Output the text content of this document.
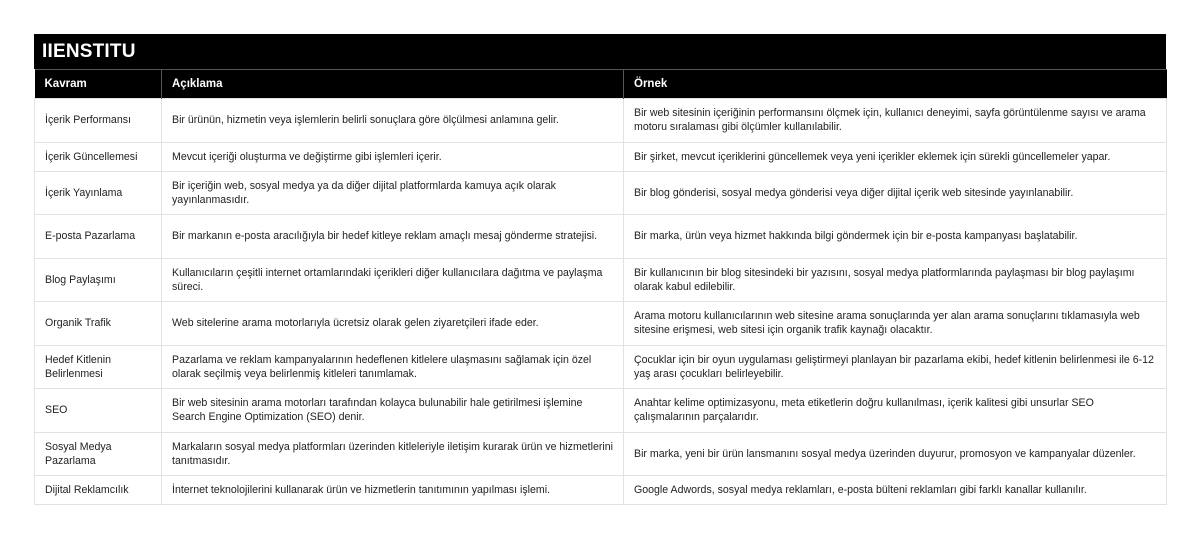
IIENSTITU
Kavram	Açıklama	Örnek
İçerik Performansı	Bir ürünün, hizmetin veya işlemlerin belirli sonuçlara göre ölçülmesi anlamına gelir.	Bir web sitesinin içeriğinin performansını ölçmek için, kullanıcı deneyimi, sayfa görüntülenme sayısı ve arama motoru sıralaması gibi ölçümler kullanılabilir.
İçerik Güncellemesi	Mevcut içeriği oluşturma ve değiştirme gibi işlemleri içerir.	Bir şirket, mevcut içeriklerini güncellemek veya yeni içerikler eklemek için sürekli güncellemeler yapar.
İçerik Yayınlama	Bir içeriğin web, sosyal medya ya da diğer dijital platformlarda kamuya açık olarak yayınlanmasıdır.	Bir blog gönderisi, sosyal medya gönderisi veya diğer dijital içerik web sitesinde yayınlanabilir.
E-posta Pazarlama	Bir markanın e-posta aracılığıyla bir hedef kitleye reklam amaçlı mesaj gönderme stratejisi.	Bir marka, ürün veya hizmet hakkında bilgi göndermek için bir e-posta kampanyası başlatabilir.
Blog Paylaşımı	Kullanıcıların çeşitli internet ortamlarındaki içerikleri diğer kullanıcılara dağıtma ve paylaşma süreci.	Bir kullanıcının bir blog sitesindeki bir yazısını, sosyal medya platformlarında paylaşması bir blog paylaşımı olarak kabul edilebilir.
Organik Trafik	Web sitelerine arama motorlarıyla ücretsiz olarak gelen ziyaretçileri ifade eder.	Arama motoru kullanıcılarının web sitesine arama sonuçlarında yer alan arama sonuçlarını tıklamasıyla web sitesine erişmesi, web sitesi için organik trafik kaynağı olacaktır.
Hedef Kitlenin Belirlenmesi	Pazarlama ve reklam kampanyalarının hedeflenen kitlelere ulaşmasını sağlamak için özel olarak seçilmiş veya belirlenmiş kitleleri tanımlamak.	Çocuklar için bir oyun uygulaması geliştirmeyi planlayan bir pazarlama ekibi, hedef kitlenin belirlenmesi ile 6-12 yaş arası çocukları belirleyebilir.
SEO	Bir web sitesinin arama motorları tarafından kolayca bulunabilir hale getirilmesi işlemine Search Engine Optimization (SEO) denir.	Anahtar kelime optimizasyonu, meta etiketlerin doğru kullanılması, içerik kalitesi gibi unsurlar SEO çalışmalarının parçalarıdır.
Sosyal Medya Pazarlama	Markaların sosyal medya platformları üzerinden kitleleriyle iletişim kurarak ürün ve hizmetlerini tanıtmasıdır.	Bir marka, yeni bir ürün lansmanını sosyal medya üzerinden duyurur, promosyon ve kampanyalar düzenler.
Dijital Reklamcılık	İnternet teknolojilerini kullanarak ürün ve hizmetlerin tanıtımının yapılması işlemi.	Google Adwords, sosyal medya reklamları, e-posta bülteni reklamları gibi farklı kanallar kullanılır.
